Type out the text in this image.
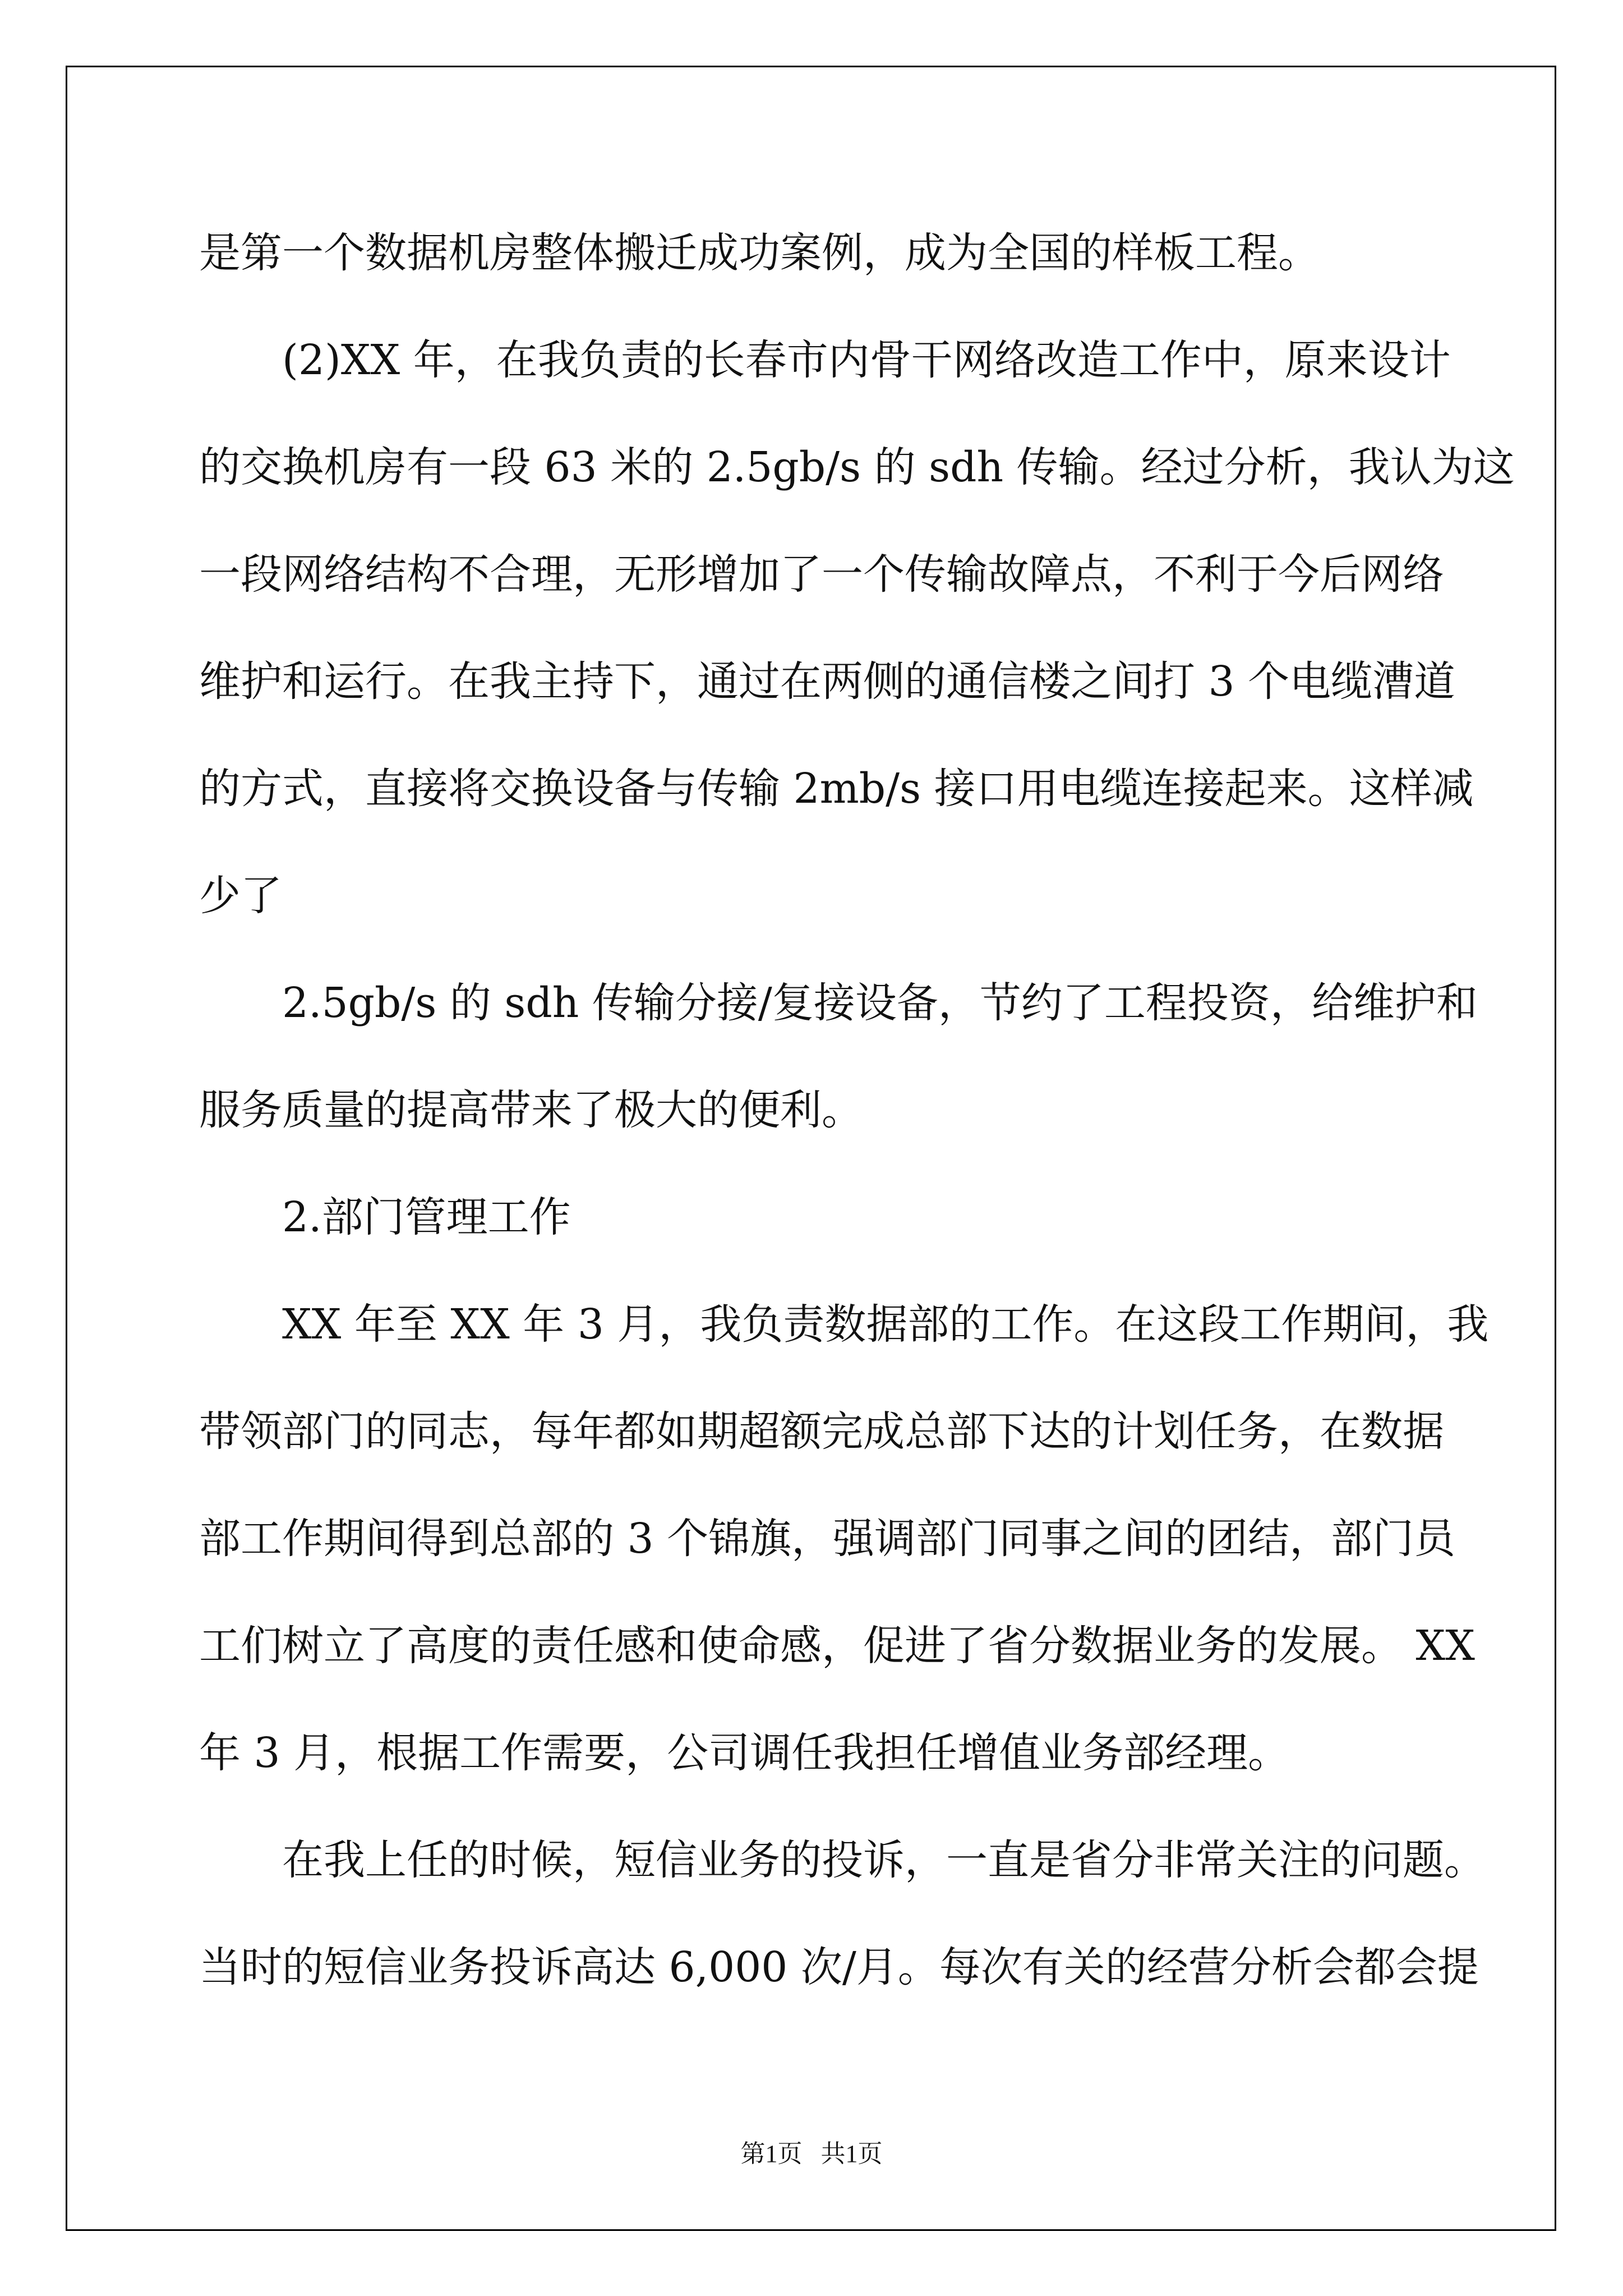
是第一个数据机房整体搬迁成功案例，成为全国的样板工程。
(2)XX 年，在我负责的长春市内骨干网络改造工作中，原来设计
的交换机房有一段 63 米的 2.5gb/s 的 sdh 传输。经过分析，我认为这
一段网络结构不合理，无形增加了一个传输故障点，不利于今后网络
维护和运行。在我主持下，通过在两侧的通信楼之间打 3 个电缆漕道
的方式，直接将交换设备与传输 2mb/s 接口用电缆连接起来。这样减
少了
2.5gb/s 的 sdh 传输分接/复接设备，节约了工程投资，给维护和
服务质量的提高带来了极大的便利。
2.部门管理工作
XX 年至 XX 年 3 月，我负责数据部的工作。在这段工作期间，我
带领部门的同志，每年都如期超额完成总部下达的计划任务，在数据
部工作期间得到总部的 3 个锦旗，强调部门同事之间的团结，部门员
工们树立了高度的责任感和使命感，促进了省分数据业务的发展。 XX
年 3 月，根据工作需要，公司调任我担任增值业务部经理。
在我上任的时候，短信业务的投诉，一直是省分非常关注的问题。
当时的短信业务投诉高达 6,000 次/月。每次有关的经营分析会都会提
第1页   共1页
